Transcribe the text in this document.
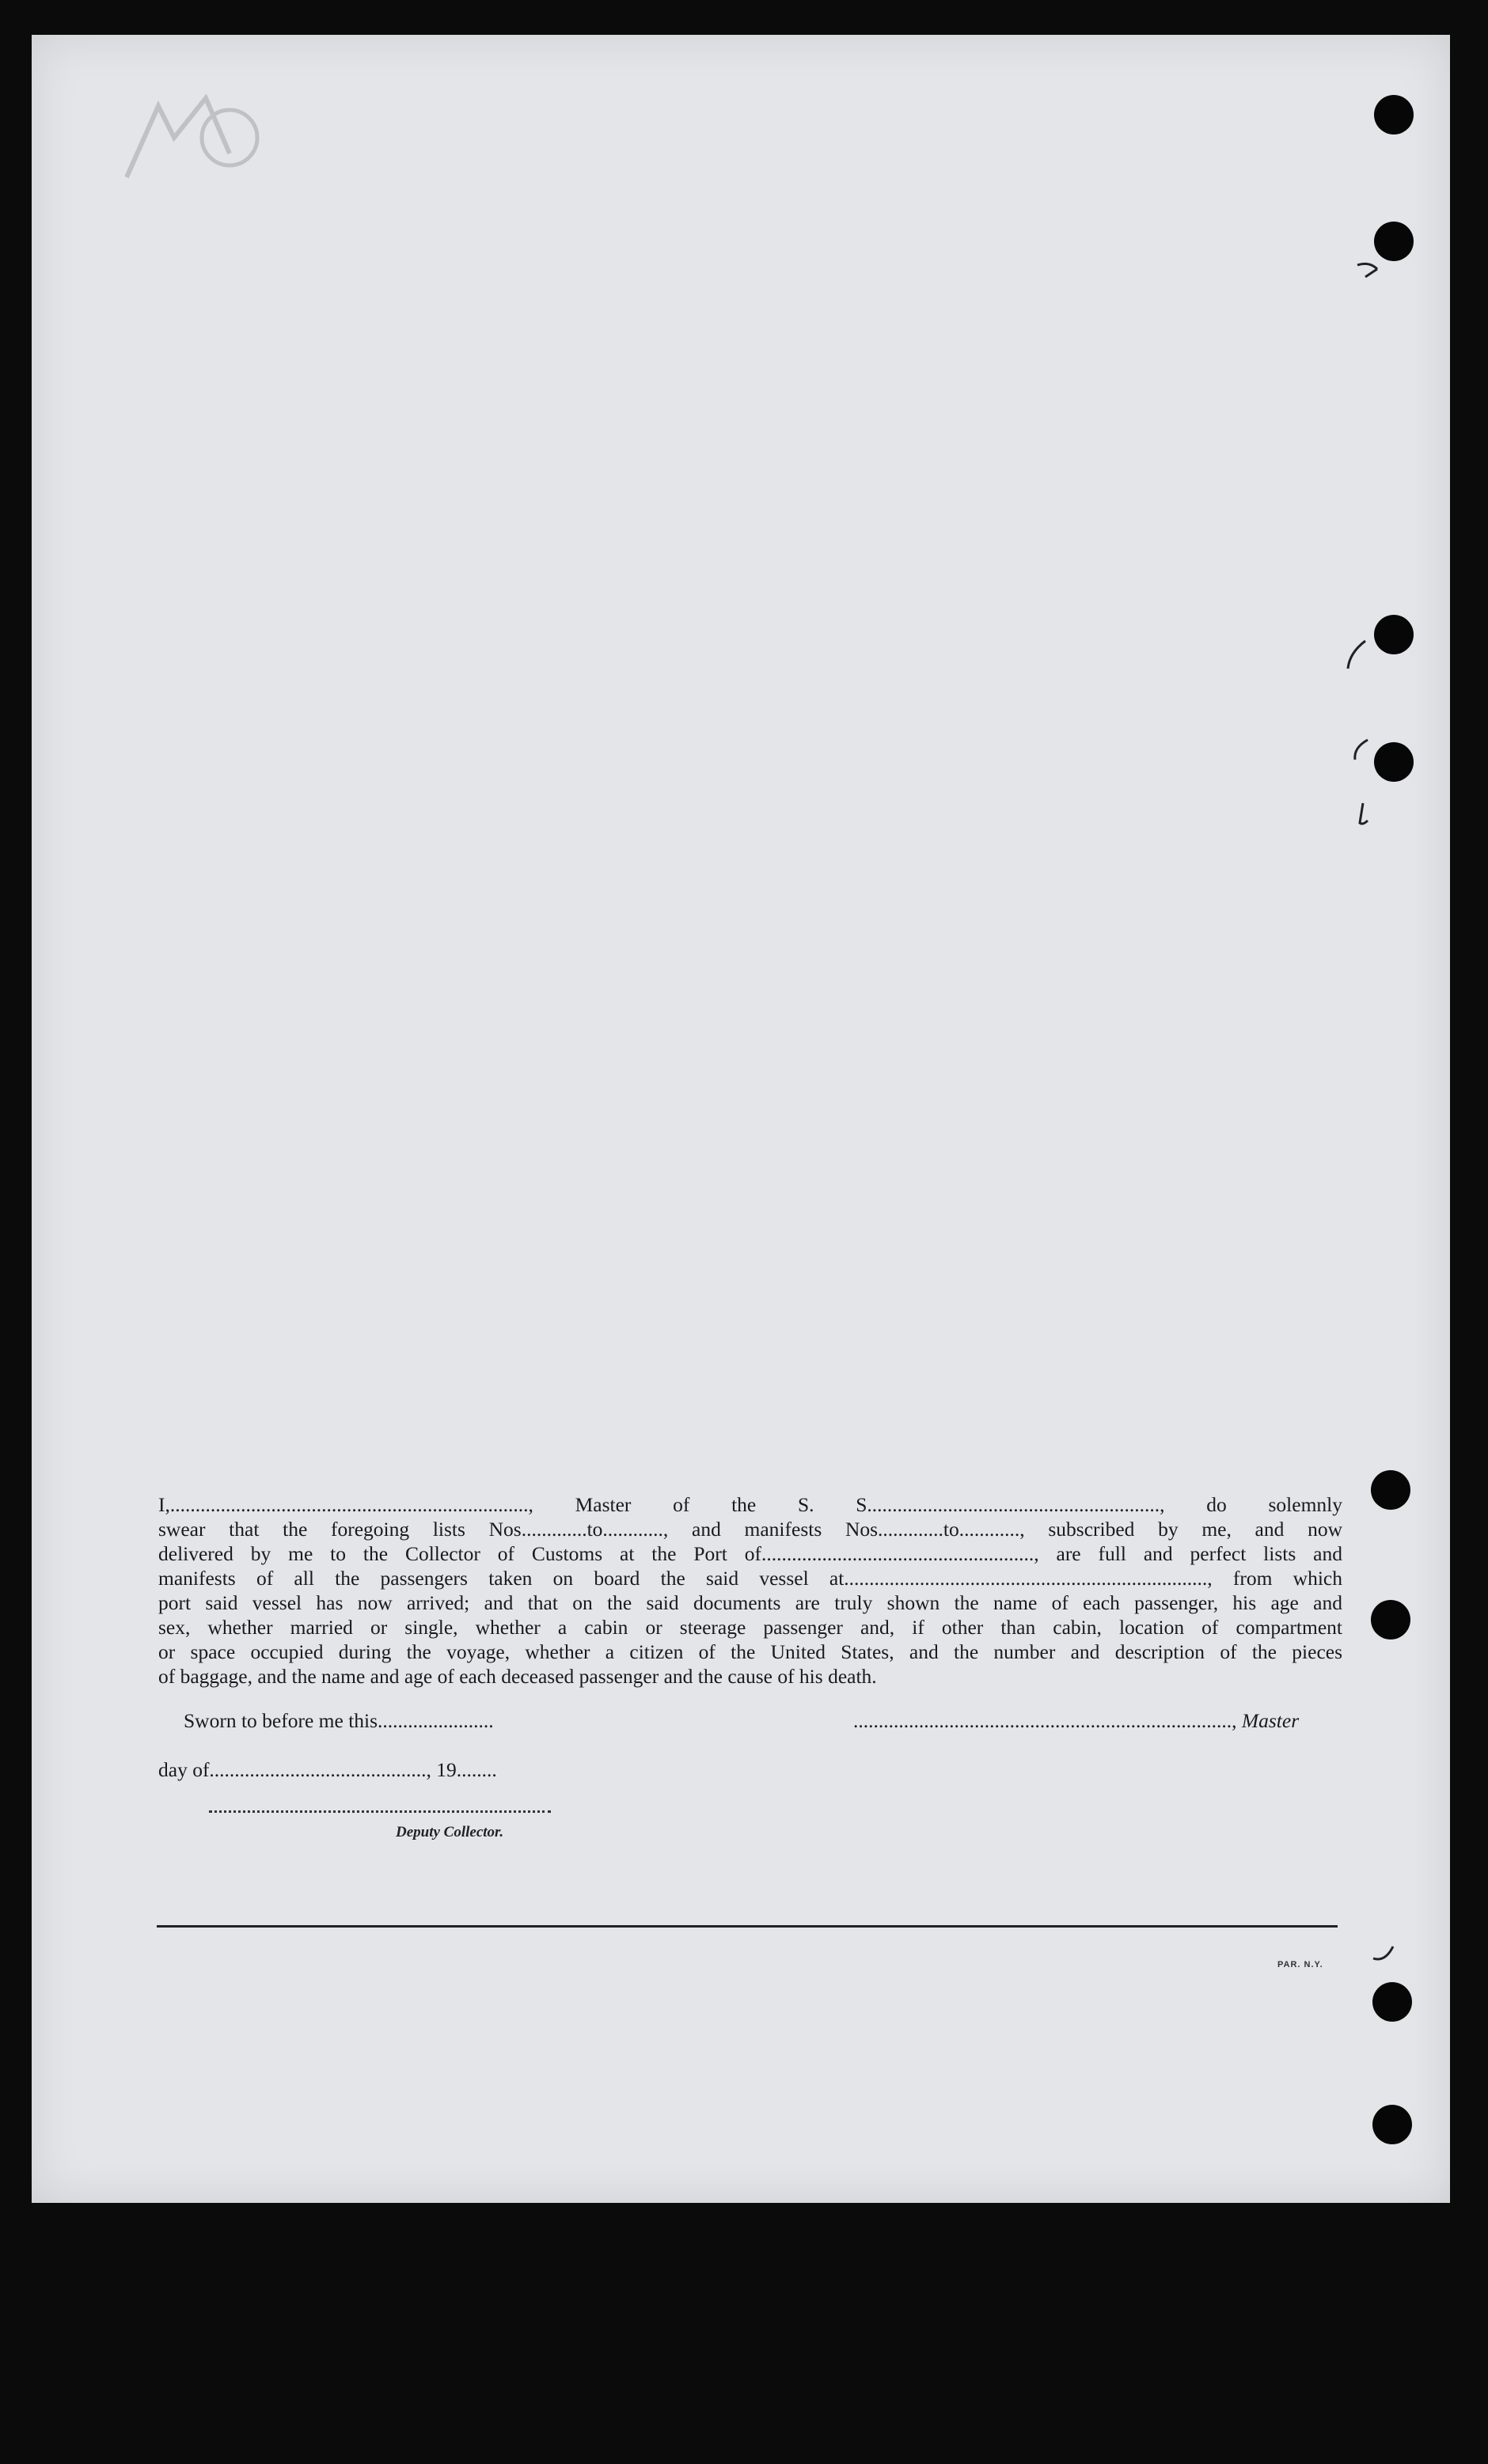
I,......................................................................., Master of the S. S.........................................................., do solemnly
swear that the foregoing lists Nos.............to............, and manifests Nos.............to............, subscribed by me, and now
delivered by me to the Collector of Customs at the Port of......................................................, are full and perfect lists and
manifests of all the passengers taken on board the said vessel at........................................................................, from which
port said vessel has now arrived; and that on the said documents are truly shown the name of each passenger, his age and
sex, whether married or single, whether a cabin or steerage passenger and, if other than cabin, location of compartment
or space occupied during the voyage, whether a citizen of the United States, and the number and description of the pieces
of baggage, and the name and age of each deceased passenger and the cause of his death.
Sworn to before me this.......................	..........................................................................., Master
day of..........................................., 19........
Deputy Collector.
PAR. N.Y.
